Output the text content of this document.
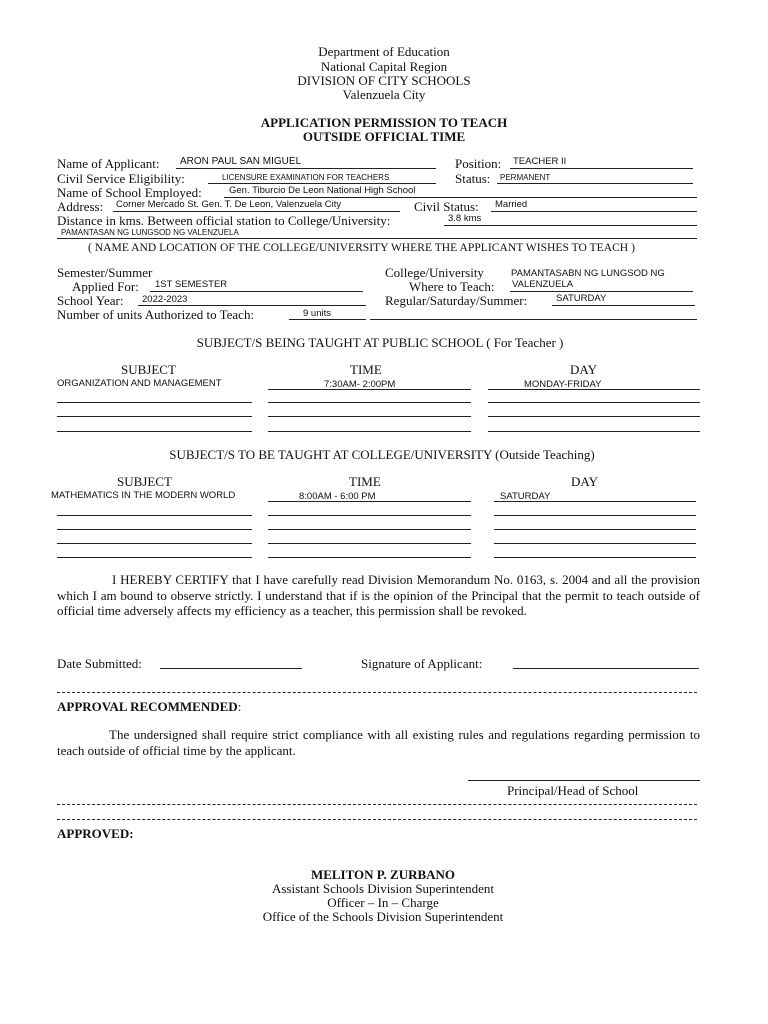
Department of Education
National Capital Region
DIVISION OF CITY SCHOOLS
Valenzuela City
APPLICATION PERMISSION TO TEACH
OUTSIDE OFFICIAL TIME
Name of Applicant: ARON PAUL SAN MIGUEL	Position: TEACHER II
Civil Service Eligibility:	LICENSURE EXAMINATION FOR TEACHERS	Status: PERMANENT
Name of School Employed:	Gen. Tiburcio De Leon National High School
Address: Corner Mercado St. Gen. T. De Leon, Valenzuela City	Civil Status: Married
Distance in kms. Between official station to College/University:	3.8 kms
PAMANTASAN NG LUNGSOD NG VALENZUELA
( NAME AND LOCATION OF THE COLLEGE/UNIVERSITY WHERE THE APPLICANT WISHES TO TEACH )
Semester/Summer
Applied For: 1ST SEMESTER
School Year: 2022-2023
Number of units Authorized to Teach:	9 units
College/University	PAMANTASABN NG LUNGSOD NG
Where to Teach: VALENZUELA
Regular/Saturday/Summer:	SATURDAY
SUBJECT/S BEING TAUGHT AT PUBLIC SCHOOL ( For Teacher )
SUBJECT	TIME	DAY
ORGANIZATION AND MANAGEMENT	7:30AM- 2:00PM	MONDAY-FRIDAY
SUBJECT/S TO BE TAUGHT AT COLLEGE/UNIVERSITY (Outside Teaching)
SUBJECT	TIME	DAY
MATHEMATICS IN THE MODERN WORLD	8:00AM - 6:00 PM	SATURDAY
I HEREBY CERTIFY that I have carefully read Division Memorandum No. 0163, s. 2004 and all the provision which I am bound to observe strictly. I understand that if is the opinion of the Principal that the permit to teach outside of official time adversely affects my efficiency as a teacher, this permission shall be revoked.
Date Submitted:	Signature of Applicant:
APPROVAL RECOMMENDED:
The undersigned shall require strict compliance with all existing rules and regulations regarding permission to teach outside of official time by the applicant.
Principal/Head of School
APPROVED:
MELITON P. ZURBANO
Assistant Schools Division Superintendent
Officer – In – Charge
Office of the Schools Division Superintendent
